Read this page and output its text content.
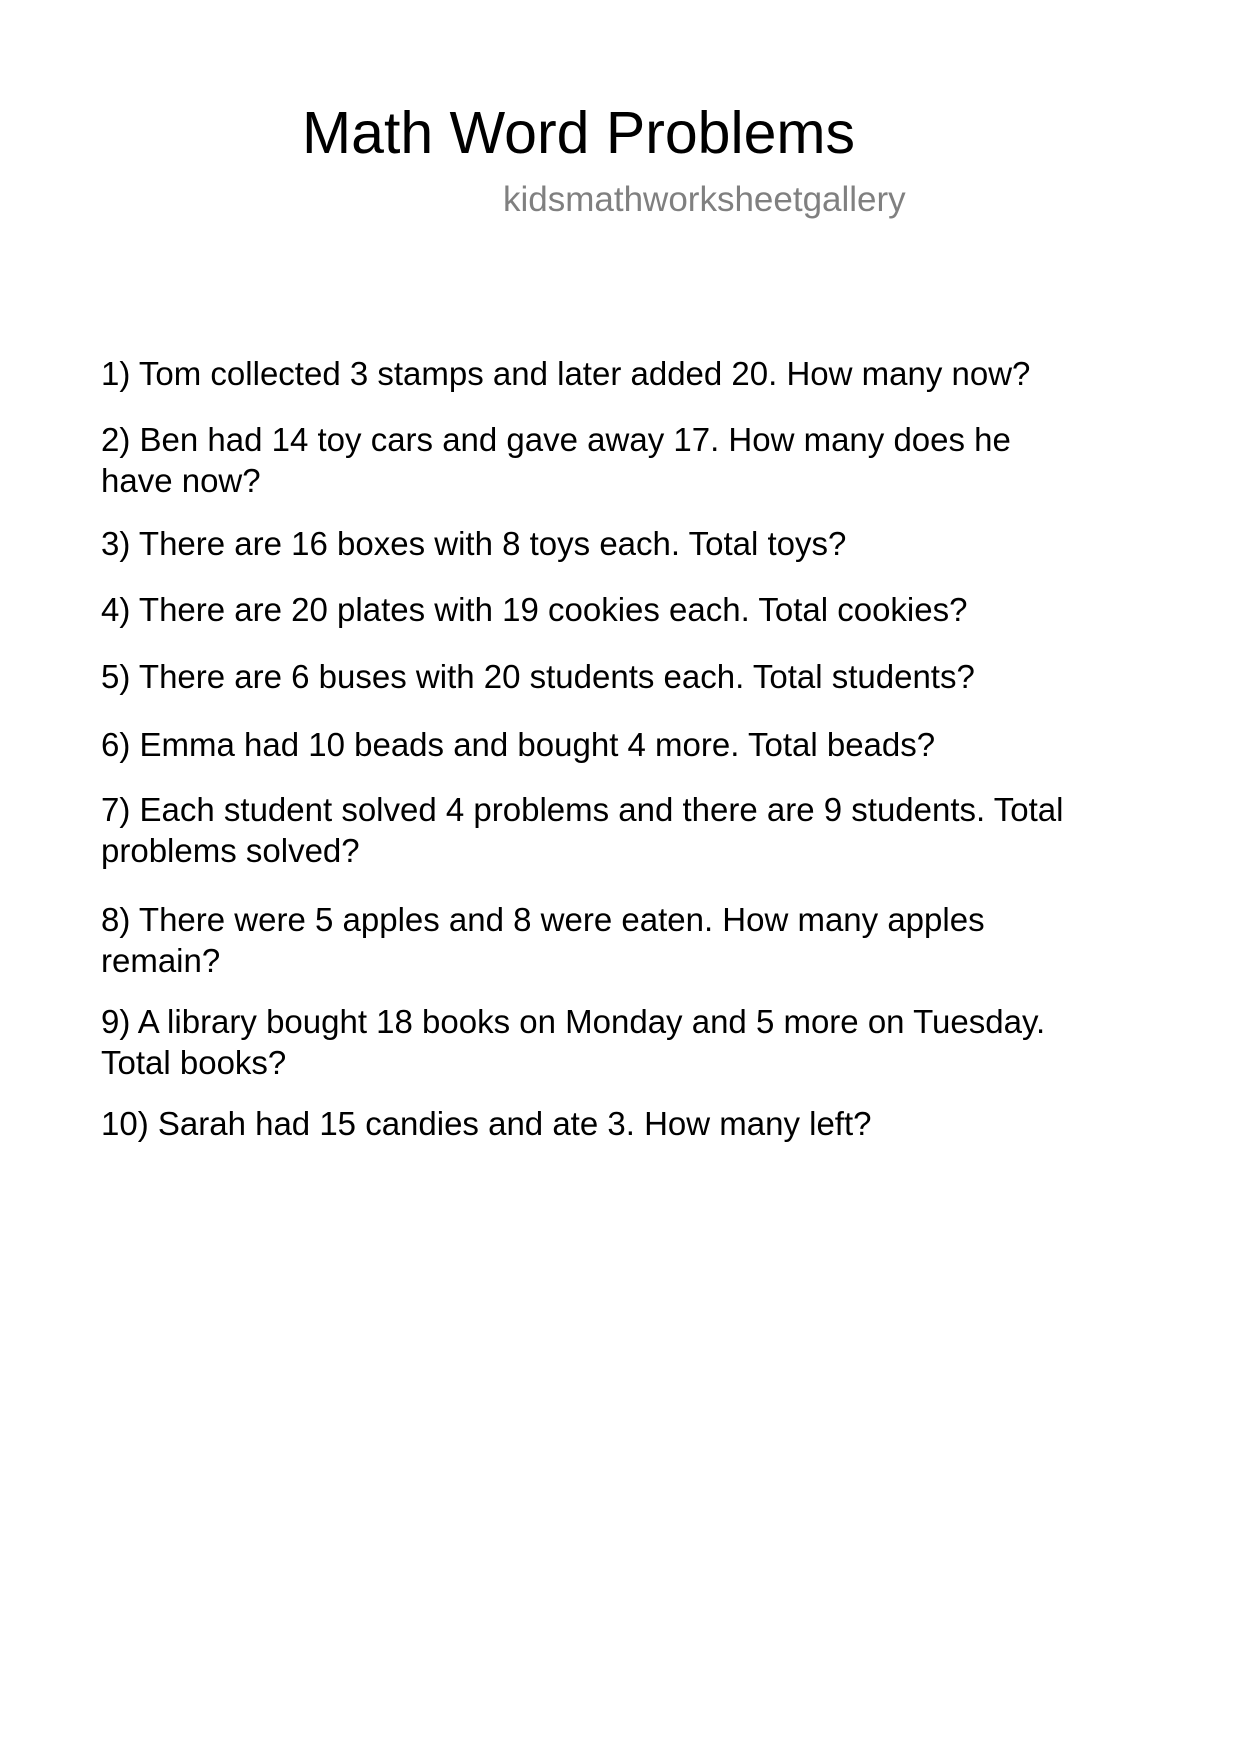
Math Word Problems
kidsmathworksheetgallery
1) Tom collected 3 stamps and later added 20. How many now?
2) Ben had 14 toy cars and gave away 17. How many does he
have now?
3) There are 16 boxes with 8 toys each. Total toys?
4) There are 20 plates with 19 cookies each. Total cookies?
5) There are 6 buses with 20 students each. Total students?
6) Emma had 10 beads and bought 4 more. Total beads?
7) Each student solved 4 problems and there are 9 students. Total
problems solved?
8) There were 5 apples and 8 were eaten. How many apples
remain?
9) A library bought 18 books on Monday and 5 more on Tuesday.
Total books?
10) Sarah had 15 candies and ate 3. How many left?
